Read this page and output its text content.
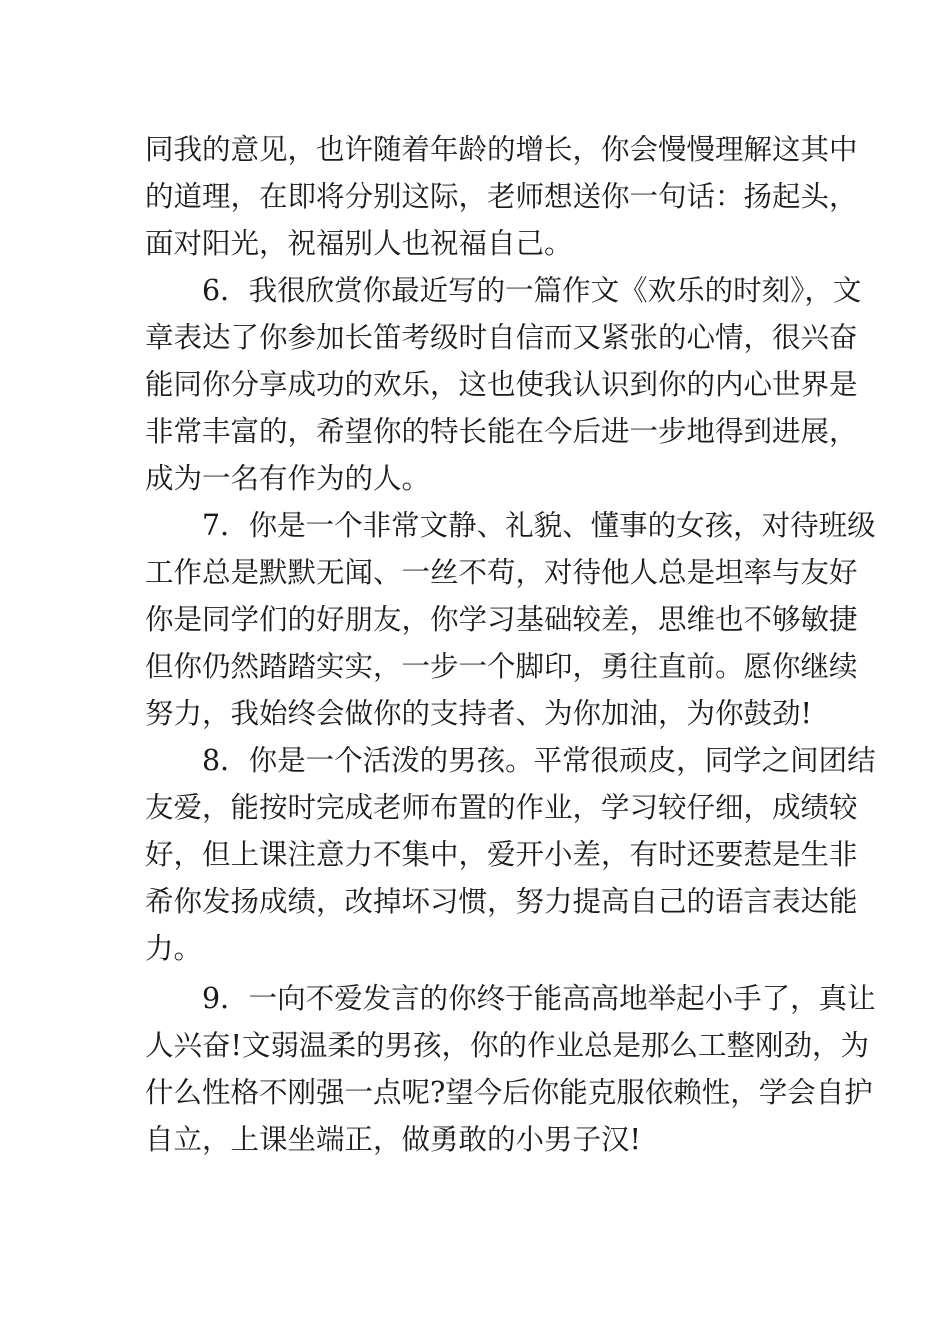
同我的意见，也许随着年龄的增长，你会慢慢理解这其中
的道理，在即将分别这际，老师想送你一句话：扬起头，
面对阳光，祝福别人也祝福自己。
6．我很欣赏你最近写的一篇作文《欢乐的时刻》，文
章表达了你参加长笛考级时自信而又紧张的心情，很兴奋
能同你分享成功的欢乐，这也使我认识到你的内心世界是
非常丰富的，希望你的特长能在今后进一步地得到进展，
成为一名有作为的人。
7．你是一个非常文静、礼貌、懂事的女孩，对待班级
工作总是默默无闻、一丝不苟，对待他人总是坦率与友好
你是同学们的好朋友，你学习基础较差，思维也不够敏捷
但你仍然踏踏实实，一步一个脚印，勇往直前。愿你继续
努力，我始终会做你的支持者、为你加油，为你鼓劲!
8．你是一个活泼的男孩。平常很顽皮，同学之间团结
友爱，能按时完成老师布置的作业，学习较仔细，成绩较
好，但上课注意力不集中，爱开小差，有时还要惹是生非
希你发扬成绩，改掉坏习惯，努力提高自己的语言表达能
力。
9．一向不爱发言的你终于能高高地举起小手了，真让
人兴奋!文弱温柔的男孩，你的作业总是那么工整刚劲，为
什么性格不刚强一点呢?望今后你能克服依赖性，学会自护
自立，上课坐端正，做勇敢的小男子汉!
